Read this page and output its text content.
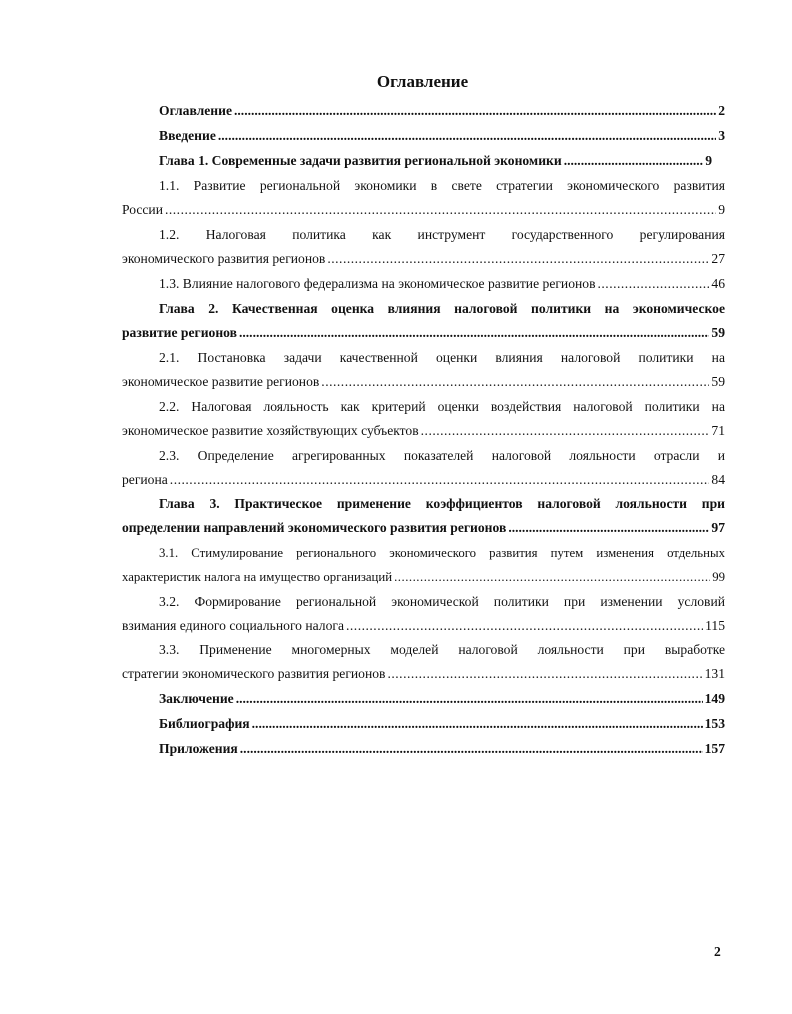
Оглавление
Оглавление .....	2
Введение .....	3
Глава 1. Современные задачи развития региональной экономики .....	9
1.1. Развитие региональной экономики в свете стратегии экономического развития
России .....	9
1.2. Налоговая политика как инструмент государственного регулирования
экономического развития регионов .....	27
1.3. Влияние налогового федерализма на экономическое развитие регионов .....	46
Глава 2. Качественная оценка влияния налоговой политики на экономическое
развитие регионов .....	59
2.1. Постановка задачи качественной оценки влияния налоговой политики на
экономическое развитие регионов .....	59
2.2. Налоговая лояльность как критерий оценки воздействия налоговой политики на
экономическое развитие хозяйствующих субъектов .....	71
2.3. Определение агрегированных показателей налоговой лояльности отрасли и
региона .....	84
Глава 3. Практическое применение коэффициентов налоговой лояльности при
определении направлений экономического развития регионов .....	97
3.1. Стимулирование регионального экономического развития путем изменения отдельных
характеристик налога на имущество организаций .....	99
3.2. Формирование региональной экономической политики при изменении условий
взимания единого социального налога .....	115
3.3. Применение многомерных моделей налоговой лояльности при выработке
стратегии экономического развития регионов .....	131
Заключение .....	149
Библиография .....	153
Приложения .....	157
2
